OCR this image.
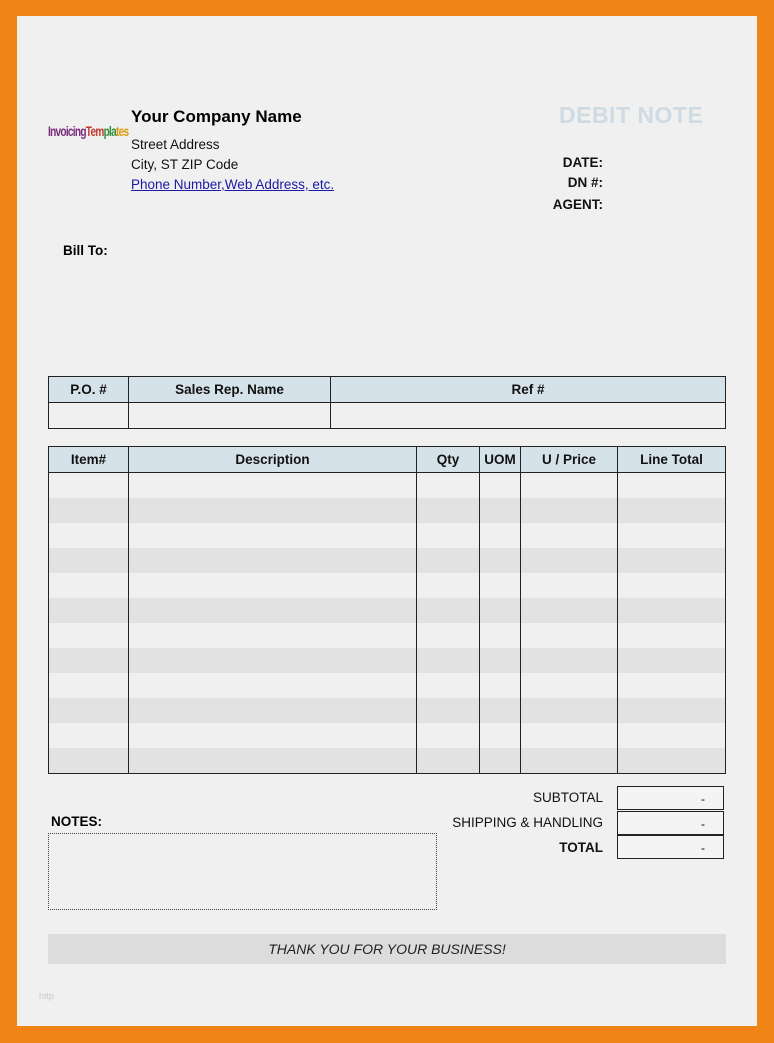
InvoicingTemplates
Your Company Name
Street Address
City, ST ZIP Code
Phone Number,Web Address, etc.
DEBIT NOTE
DATE:
DN #:
AGENT:
Bill To:
P.O. #	Sales Rep. Name	Ref #

Item#	Description	Qty	UOM	U / Price	Line Total

SUBTOTAL	-
SHIPPING & HANDLING	-
TOTAL	-
NOTES:
THANK YOU FOR YOUR BUSINESS!
http
